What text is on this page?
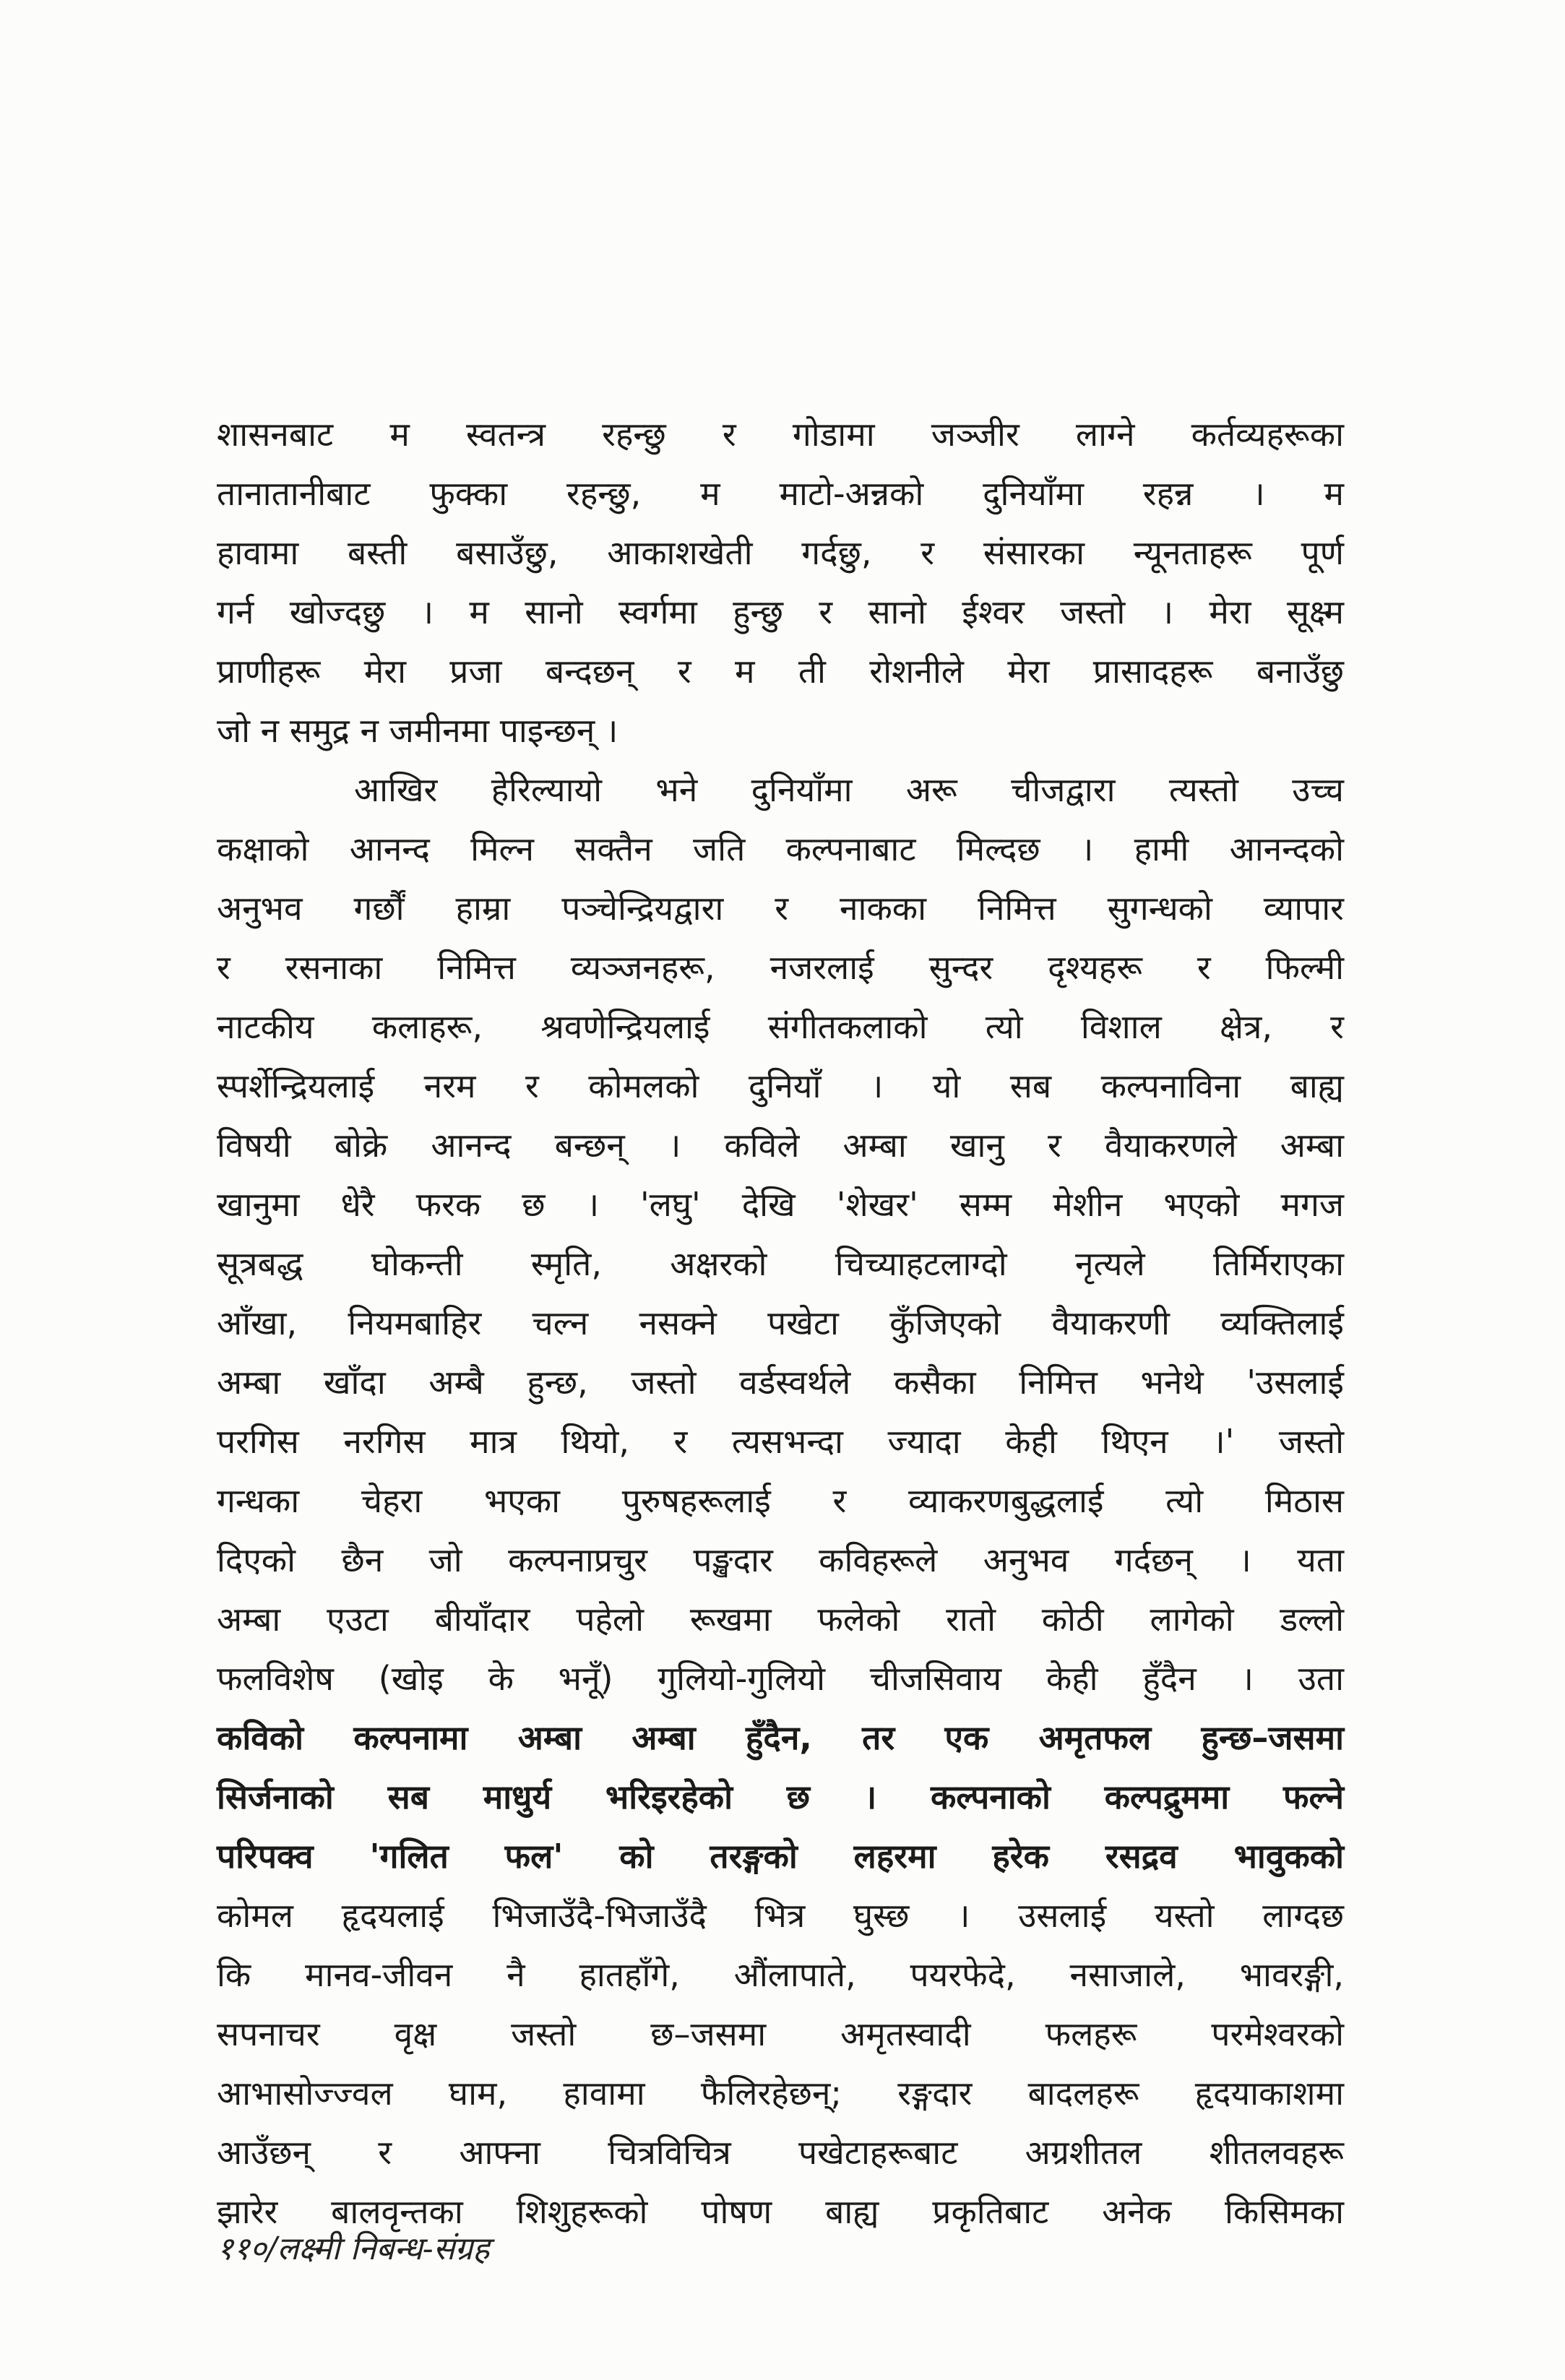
शासनबाट म स्वतन्त्र रहन्छु र गोडामा जञ्जीर लाग्ने कर्तव्यहरूका
तानातानीबाट फुक्का रहन्छु, म माटो-अन्नको दुनियाँमा रहन्न । म
हावामा बस्ती बसाउँछु, आकाशखेती गर्दछु, र संसारका न्यूनताहरू पूर्ण
गर्न खोज्दछु । म सानो स्वर्गमा हुन्छु र सानो ईश्वर जस्तो । मेरा सूक्ष्म
प्राणीहरू मेरा प्रजा बन्दछन् र म ती रोशनीले मेरा प्रासादहरू बनाउँछु
जो न समुद्र न जमीनमा पाइन्छन् ।
आखिर हेरिल्यायो भने दुनियाँमा अरू चीजद्वारा त्यस्तो उच्च
कक्षाको आनन्द मिल्न सक्तैन जति कल्पनाबाट मिल्दछ । हामी आनन्दको
अनुभव गर्छौं हाम्रा पञ्चेन्द्रियद्वारा र नाकका निमित्त सुगन्धको व्यापार
र रसनाका निमित्त व्यञ्जनहरू, नजरलाई सुन्दर दृश्यहरू र फिल्मी
नाटकीय कलाहरू, श्रवणेन्द्रियलाई संगीतकलाको त्यो विशाल क्षेत्र, र
स्पर्शेन्द्रियलाई नरम र कोमलको दुनियाँ । यो सब कल्पनाविना बाह्य
विषयी बोक्रे आनन्द बन्छन् । कविले अम्बा खानु र वैयाकरणले अम्बा
खानुमा धेरै फरक छ । 'लघु' देखि 'शेखर' सम्म मेशीन भएको मगज
सूत्रबद्ध घोकन्ती स्मृति, अक्षरको चिच्याहटलाग्दो नृत्यले तिर्मिराएका
आँखा, नियमबाहिर चल्न नसक्ने पखेटा कुँजिएको वैयाकरणी व्यक्तिलाई
अम्बा खाँदा अम्बै हुन्छ, जस्तो वर्डस्वर्थले कसैका निमित्त भनेथे 'उसलाई
परगिस नरगिस मात्र थियो, र त्यसभन्दा ज्यादा केही थिएन ।' जस्तो
गन्धका चेहरा भएका पुरुषहरूलाई र व्याकरणबुद्धलाई त्यो मिठास
दिएको छैन जो कल्पनाप्रचुर पङ्खदार कविहरूले अनुभव गर्दछन् । यता
अम्बा एउटा बीयाँदार पहेलो रूखमा फलेको रातो कोठी लागेको डल्लो
फलविशेष (खोइ के भनूँ) गुलियो-गुलियो चीजसिवाय केही हुँदैन । उता
कविको कल्पनामा अम्बा अम्बा हुँदैन, तर एक अमृतफल हुन्छ–जसमा
सिर्जनाको सब माधुर्य भरिइरहेको छ । कल्पनाको कल्पद्रुममा फल्ने
परिपक्व 'गलित फल' को तरङ्गको लहरमा हरेक रसद्रव भावुकको
कोमल हृदयलाई भिजाउँदै-भिजाउँदै भित्र घुस्छ । उसलाई यस्तो लाग्दछ
कि मानव-जीवन नै हातहाँगे, औंलापाते, पयरफेदे, नसाजाले, भावरङ्गी,
सपनाचर वृक्ष जस्तो छ–जसमा अमृतस्वादी फलहरू परमेश्वरको
आभासोज्ज्वल घाम, हावामा फैलिरहेछन्; रङ्गदार बादलहरू हृदयाकाशमा
आउँछन् र आफ्ना चित्रविचित्र पखेटाहरूबाट अग्रशीतल शीतलवहरू
झारेर बालवृन्तका शिशुहरूको पोषण बाह्य प्रकृतिबाट अनेक किसिमका
११०/लक्ष्मी निबन्ध-संग्रह
